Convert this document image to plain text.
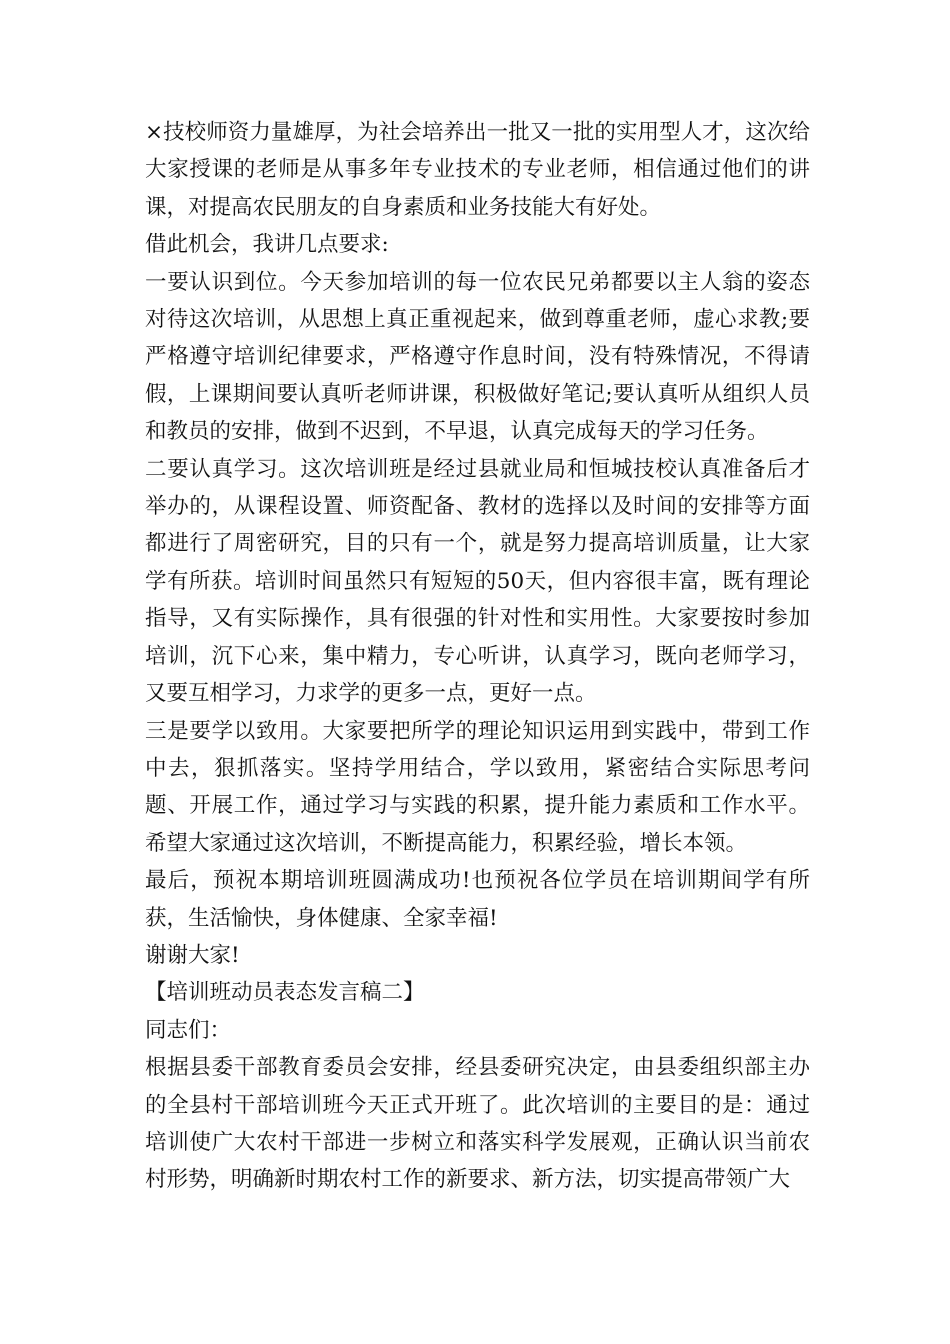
×技校师资力量雄厚，为社会培养出一批又一批的实用型人才，这次给大家授课的老师是从事多年专业技术的专业老师，相信通过他们的讲课，对提高农民朋友的自身素质和业务技能大有好处。

借此机会，我讲几点要求:

一要认识到位。今天参加培训的每一位农民兄弟都要以主人翁的姿态对待这次培训，从思想上真正重视起来，做到尊重老师，虚心求教;要严格遵守培训纪律要求，严格遵守作息时间，没有特殊情况，不得请假，上课期间要认真听老师讲课，积极做好笔记;要认真听从组织人员和教员的安排，做到不迟到，不早退，认真完成每天的学习任务。

二要认真学习。这次培训班是经过县就业局和恒城技校认真准备后才举办的，从课程设置、师资配备、教材的选择以及时间的安排等方面都进行了周密研究，目的只有一个，就是努力提高培训质量，让大家学有所获。培训时间虽然只有短短的50天，但内容很丰富，既有理论指导，又有实际操作，具有很强的针对性和实用性。大家要按时参加培训，沉下心来，集中精力，专心听讲，认真学习，既向老师学习，又要互相学习，力求学的更多一点，更好一点。

三是要学以致用。大家要把所学的理论知识运用到实践中，带到工作中去，狠抓落实。坚持学用结合，学以致用，紧密结合实际思考问题、开展工作，通过学习与实践的积累，提升能力素质和工作水平。希望大家通过这次培训，不断提高能力，积累经验，增长本领。

最后，预祝本期培训班圆满成功!也预祝各位学员在培训期间学有所获，生活愉快，身体健康、全家幸福!

谢谢大家!

【培训班动员表态发言稿二】

同志们：

根据县委干部教育委员会安排，经县委研究决定，由县委组织部主办的全县村干部培训班今天正式开班了。此次培训的主要目的是：通过培训使广大农村干部进一步树立和落实科学发展观，正确认识当前农村形势，明确新时期农村工作的新要求、新方法，切实提高带领广大
